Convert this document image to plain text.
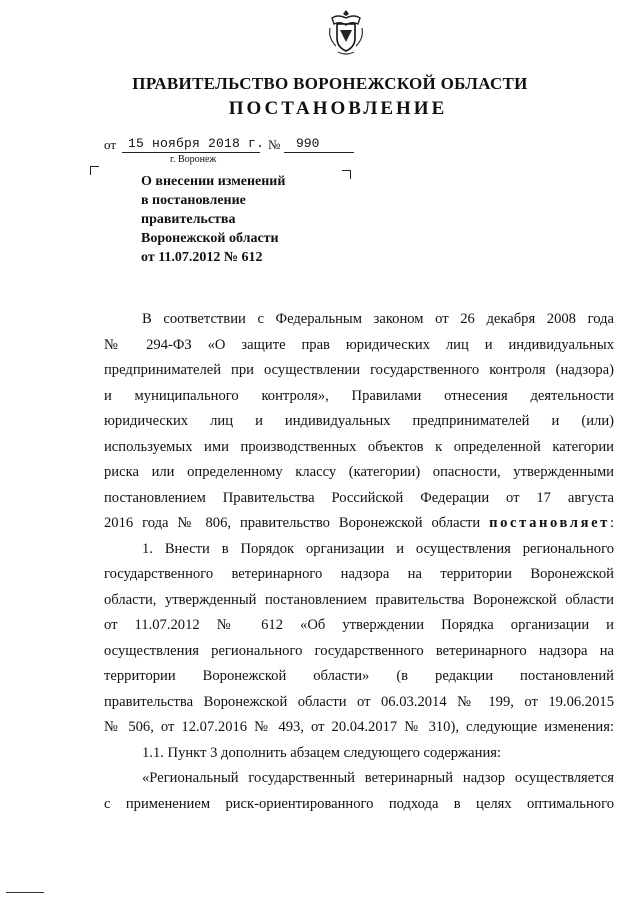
ПРАВИТЕЛЬСТВО ВОРОНЕЖСКОЙ ОБЛАСТИ
ПОСТАНОВЛЕНИЕ
от 15 ноября 2018 г. № 990
г. Воронеж
О внесении изменений
в постановление
правительства
Воронежской области
от 11.07.2012 № 612
В соответствии с Федеральным законом от 26 декабря 2008 года
№ 294-ФЗ «О защите прав юридических лиц и индивидуальных
предпринимателей при осуществлении государственного контроля (надзора)
и муниципального контроля», Правилами отнесения деятельности
юридических лиц и индивидуальных предпринимателей и (или)
используемых ими производственных объектов к определенной категории
риска или определенному классу (категории) опасности, утвержденными
постановлением Правительства Российской Федерации от 17 августа
2016 года № 806, правительство Воронежской области постановляет:
1. Внести в Порядок организации и осуществления регионального
государственного ветеринарного надзора на территории Воронежской
области, утвержденный постановлением правительства Воронежской области
от 11.07.2012 № 612 «Об утверждении Порядка организации и
осуществления регионального государственного ветеринарного надзора на
территории Воронежской области» (в редакции постановлений
правительства Воронежской области от 06.03.2014 № 199, от 19.06.2015
№ 506, от 12.07.2016 № 493, от 20.04.2017 № 310), следующие изменения:
1.1. Пункт 3 дополнить абзацем следующего содержания:
«Региональный государственный ветеринарный надзор осуществляется
с применением риск-ориентированного подхода в целях оптимального
